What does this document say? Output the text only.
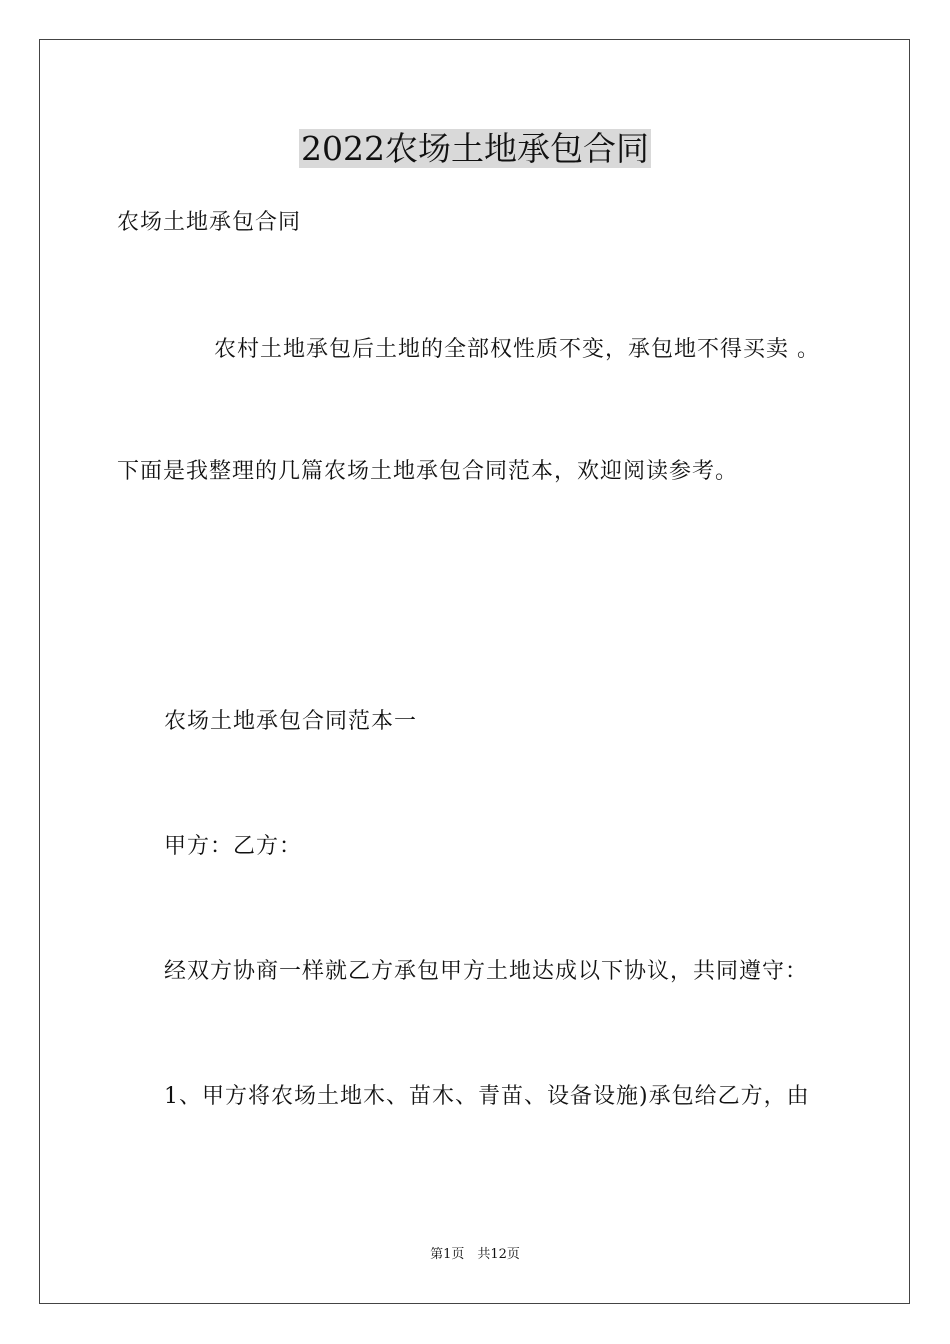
2022农场土地承包合同
农场土地承包合同
农村土地承包后土地的全部权性质不变，承包地不得买卖 。
下面是我整理的几篇农场土地承包合同范本，欢迎阅读参考。
农场土地承包合同范本一
甲方：乙方：
经双方协商一样就乙方承包甲方土地达成以下协议，共同遵守：
1、甲方将农场土地木、苗木、青苗、设备设施)承包给乙方，由
第1页　共12页
